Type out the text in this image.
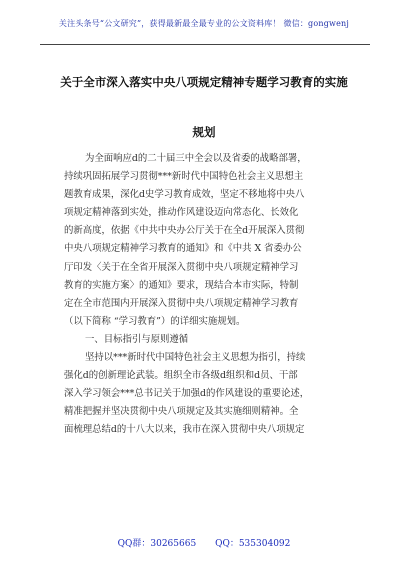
关注头条号“公文研究”，获得最新最全最专业的公文资料库！ 微信：gongwenj
关于全市深入落实中央八项规定精神专题学习教育的实施
规划
为全面响应d的二十届三中全会以及省委的战略部署，
持续巩固拓展学习贯彻***新时代中国特色社会主义思想主
题教育成果，深化d史学习教育成效，坚定不移地将中央八
项规定精神落到实处，推动作风建设迈向常态化、长效化
的新高度，依据《中共中央办公厅关于在全d开展深入贯彻
中央八项规定精神学习教育的通知》和《中共 X 省委办公
厅印发〈关于在全省开展深入贯彻中央八项规定精神学习
教育的实施方案〉的通知》要求，现结合本市实际，特制
定在全市范围内开展深入贯彻中央八项规定精神学习教育
（以下简称 “学习教育”）的详细实施规划。
一、目标指引与原则遵循
坚持以***新时代中国特色社会主义思想为指引，持续
强化d的创新理论武装。组织全市各级d组织和d员、干部
深入学习领会***总书记关于加强d的作风建设的重要论述，
精准把握并坚决贯彻中央八项规定及其实施细则精神。全
面梳理总结d的十八大以来，我市在深入贯彻中央八项规定
QQ群：30265665 QQ：535304092
